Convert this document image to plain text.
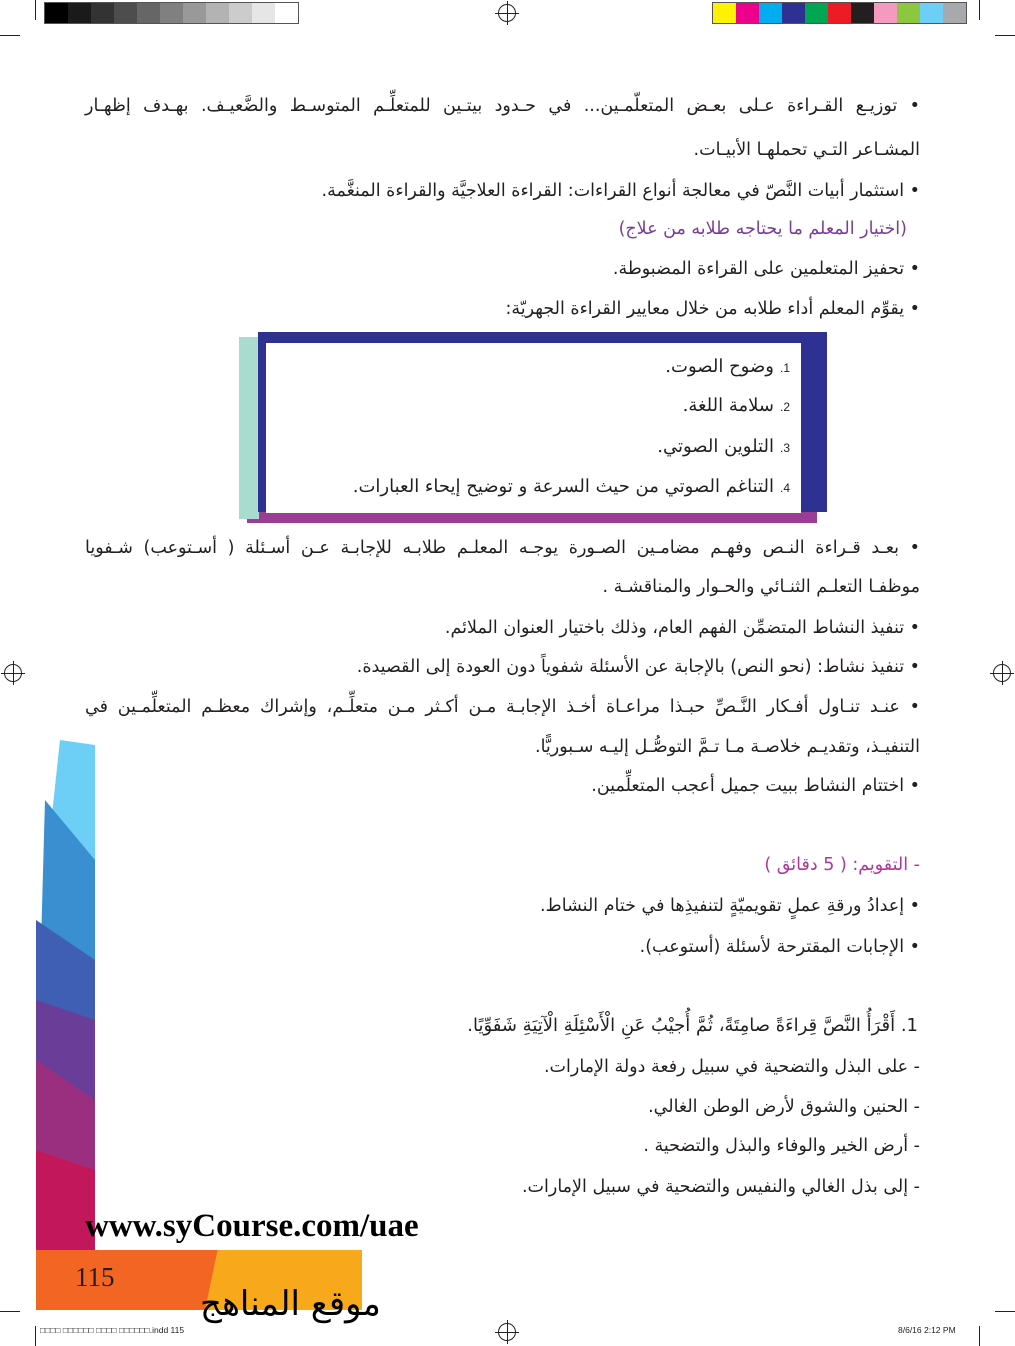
• توزيـع القـراءة عـلى بعـض المتعلّمـين... في حـدود بيتـين للمتعلِّـم المتوسـط والضَّعيـف. بهـدف إظهـار
المشـاعر التـي تحملهـا الأبيـات.
• استثمار أبيات النَّصّ في معالجة أنواع القراءات: القراءة العلاجيَّة والقراءة المنغَّمة.
(اختيار المعلم ما يحتاجه طلابه من علاج)
• تحفيز المتعلمين على القراءة المضبوطة.
• يقوِّم المعلم أداء طلابه من خلال معايير القراءة الجهريّة:
1.وضوح الصوت.
2.سلامة اللغة.
3.التلوين الصوتي.
4.التناغم الصوتي من حيث السرعة و توضيح إيحاء العبارات.
• بعـد قـراءة النـص وفهـم مضامـين الصـورة يوجـه المعلـم طلابـه للإجابـة عـن أسـئلة ( أسـتوعب) شـفويا
موظفـا التعلـم الثنـائي والحـوار والمناقشـة .
• تنفيذ النشاط المتضمِّن الفهم العام، وذلك باختيار العنوان الملائم.
• تنفيذ نشاط: (نحو النص) بالإجابة عن الأسئلة شفوياً دون العودة إلى القصيدة.
• عنـد تنـاول أفـكار النَّـصِّ حبـذا مراعـاة أخـذ الإجابـة مـن أكـثر مـن متعلِّـم، وإشراك معظـم المتعلِّمـين في
التنفيـذ، وتقديـم خلاصـة مـا تـمَّ التوصُّـل إليـه سـبوريًّا.
• اختتام النشاط ببيت جميل أعجب المتعلِّمين.
- التقويم: ( 5 دقائق )
• إعدادُ ورقةِ عملٍ تقويميّةٍ لتنفيذِها في ختام النشاط.
• الإجابات المقترحة لأسئلة (أستوعب).
1. أَقْرَأُ النَّصَّ قِراءَةً صامِتَةً، ثُمَّ أُجيْبُ عَنِ الْأَسْئِلَةِ الْآتِيَةِ شَفَوِّيًا.
- على البذل والتضحية في سبيل رفعة دولة الإمارات.
- الحنين والشوق لأرض الوطن الغالي.
- أرض الخير والوفاء والبذل والتضحية .
- إلى بذل الغالي والنفيس والتضحية في سبيل الإمارات.
www.syCourse.com/uae
115
موقع المناهج
□□□□ □□□□□□ □□□□ □□□□□□.indd 115	8/6/16 2:12 PM
